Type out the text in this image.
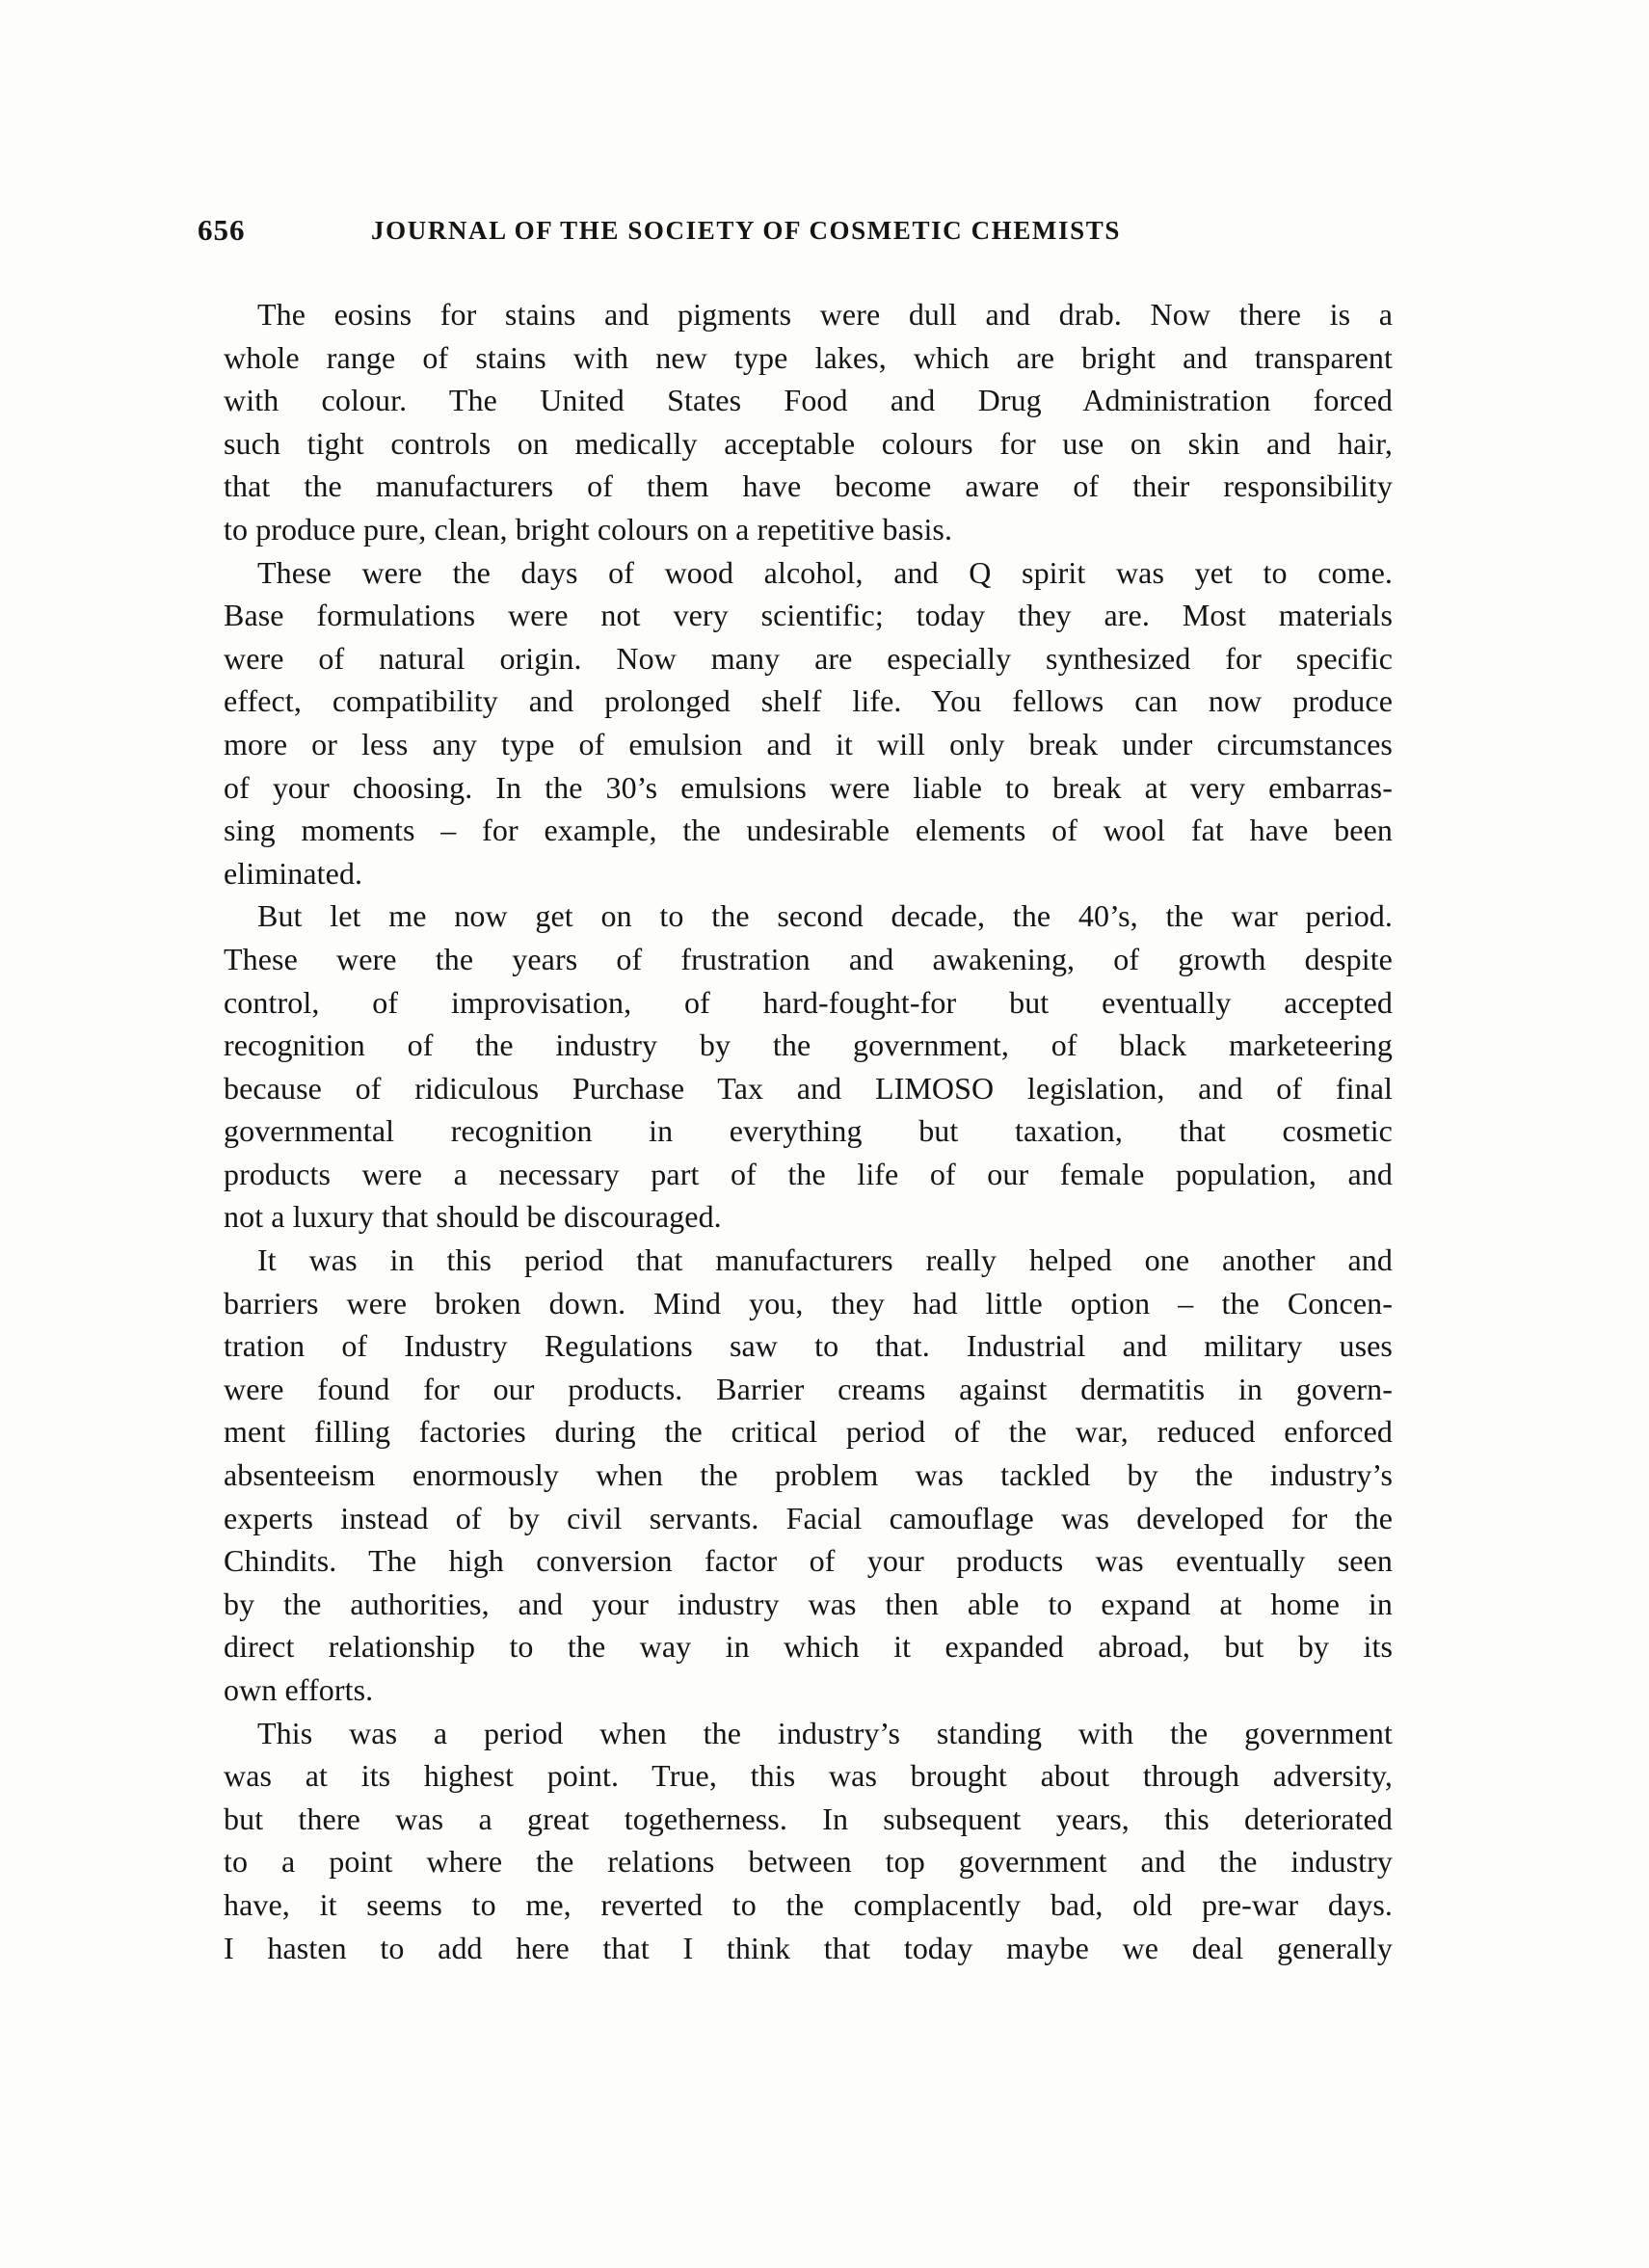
656	JOURNAL OF THE SOCIETY OF COSMETIC CHEMISTS

The eosins for stains and pigments were dull and drab. Now there is a
whole range of stains with new type lakes, which are bright and transparent
with colour. The United States Food and Drug Administration forced
such tight controls on medically acceptable colours for use on skin and hair,
that the manufacturers of them have become aware of their responsibility
to produce pure, clean, bright colours on a repetitive basis.

These were the days of wood alcohol, and Q spirit was yet to come.
Base formulations were not very scientific; today they are. Most materials
were of natural origin. Now many are especially synthesized for specific
effect, compatibility and prolonged shelf life. You fellows can now produce
more or less any type of emulsion and it will only break under circumstances
of your choosing. In the 30’s emulsions were liable to break at very embarras-
sing moments – for example, the undesirable elements of wool fat have been
eliminated.

But let me now get on to the second decade, the 40’s, the war period.
These were the years of frustration and awakening, of growth despite
control, of improvisation, of hard-fought-for but eventually accepted
recognition of the industry by the government, of black marketeering
because of ridiculous Purchase Tax and LIMOSO legislation, and of final
governmental recognition in everything but taxation, that cosmetic
products were a necessary part of the life of our female population, and
not a luxury that should be discouraged.

It was in this period that manufacturers really helped one another and
barriers were broken down. Mind you, they had little option – the Concen-
tration of Industry Regulations saw to that. Industrial and military uses
were found for our products. Barrier creams against dermatitis in govern-
ment filling factories during the critical period of the war, reduced enforced
absenteeism enormously when the problem was tackled by the industry’s
experts instead of by civil servants. Facial camouflage was developed for the
Chindits. The high conversion factor of your products was eventually seen
by the authorities, and your industry was then able to expand at home in
direct relationship to the way in which it expanded abroad, but by its
own efforts.

This was a period when the industry’s standing with the government
was at its highest point. True, this was brought about through adversity,
but there was a great togetherness. In subsequent years, this deteriorated
to a point where the relations between top government and the industry
have, it seems to me, reverted to the complacently bad, old pre-war days.
I hasten to add here that I think that today maybe we deal generally
